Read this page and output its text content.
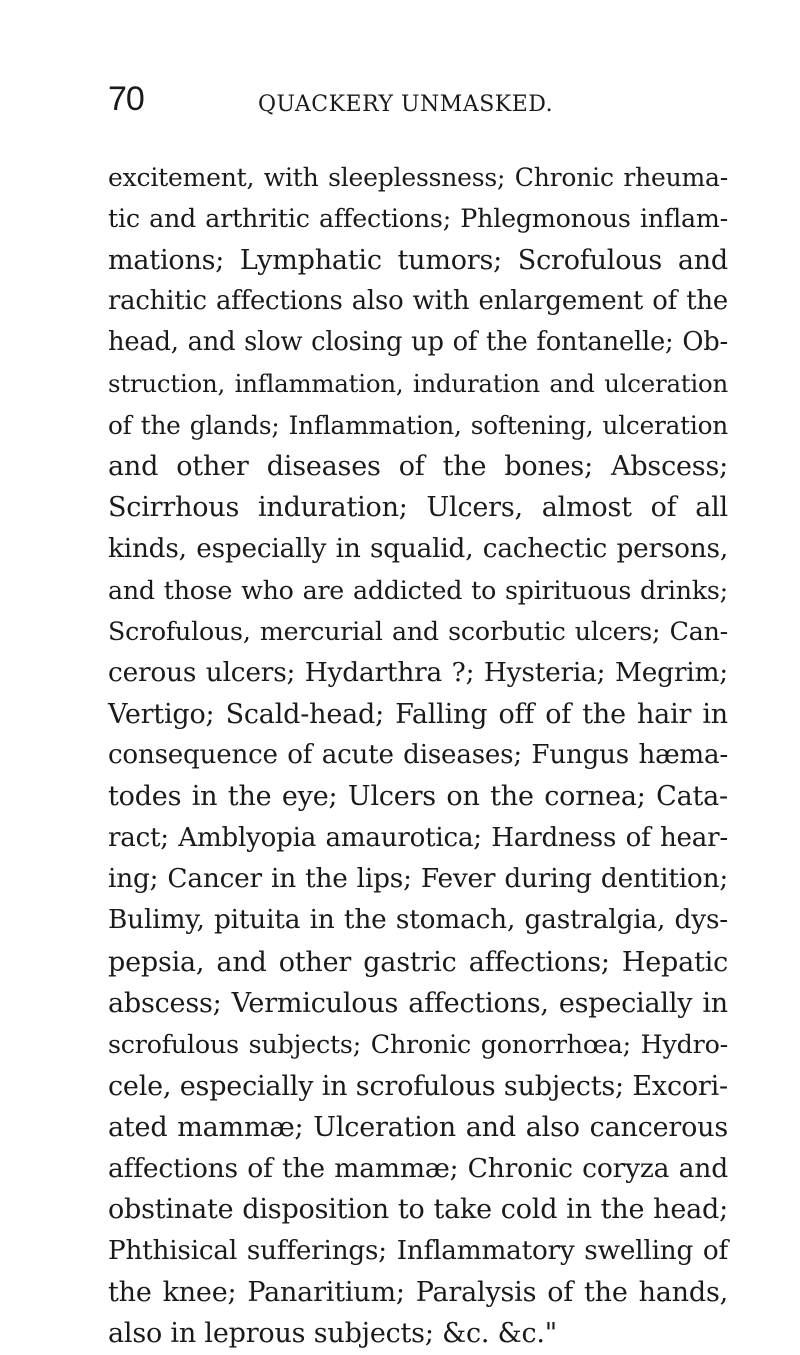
70	QUACKERY UNMASKED.
excitement, with sleeplessness; Chronic rheuma-
tic and arthritic affections; Phlegmonous inflam-
mations; Lymphatic tumors; Scrofulous and
rachitic affections also with enlargement of the
head, and slow closing up of the fontanelle; Ob-
struction, inflammation, induration and ulceration
of the glands; Inflammation, softening, ulceration
and other diseases of the bones; Abscess;
Scirrhous induration; Ulcers, almost of all
kinds, especially in squalid, cachectic persons,
and those who are addicted to spirituous drinks;
Scrofulous, mercurial and scorbutic ulcers; Can-
cerous ulcers; Hydarthra ?; Hysteria; Megrim;
Vertigo; Scald-head; Falling off of the hair in
consequence of acute diseases; Fungus hæma-
todes in the eye; Ulcers on the cornea; Cata-
ract; Amblyopia amaurotica; Hardness of hear-
ing; Cancer in the lips; Fever during dentition;
Bulimy, pituita in the stomach, gastralgia, dys-
pepsia, and other gastric affections; Hepatic
abscess; Vermiculous affections, especially in
scrofulous subjects; Chronic gonorrhœa; Hydro-
cele, especially in scrofulous subjects; Excori-
ated mammæ; Ulceration and also cancerous
affections of the mammæ; Chronic coryza and
obstinate disposition to take cold in the head;
Phthisical sufferings; Inflammatory swelling of
the knee; Panaritium; Paralysis of the hands,
also in leprous subjects; &c. &c."
